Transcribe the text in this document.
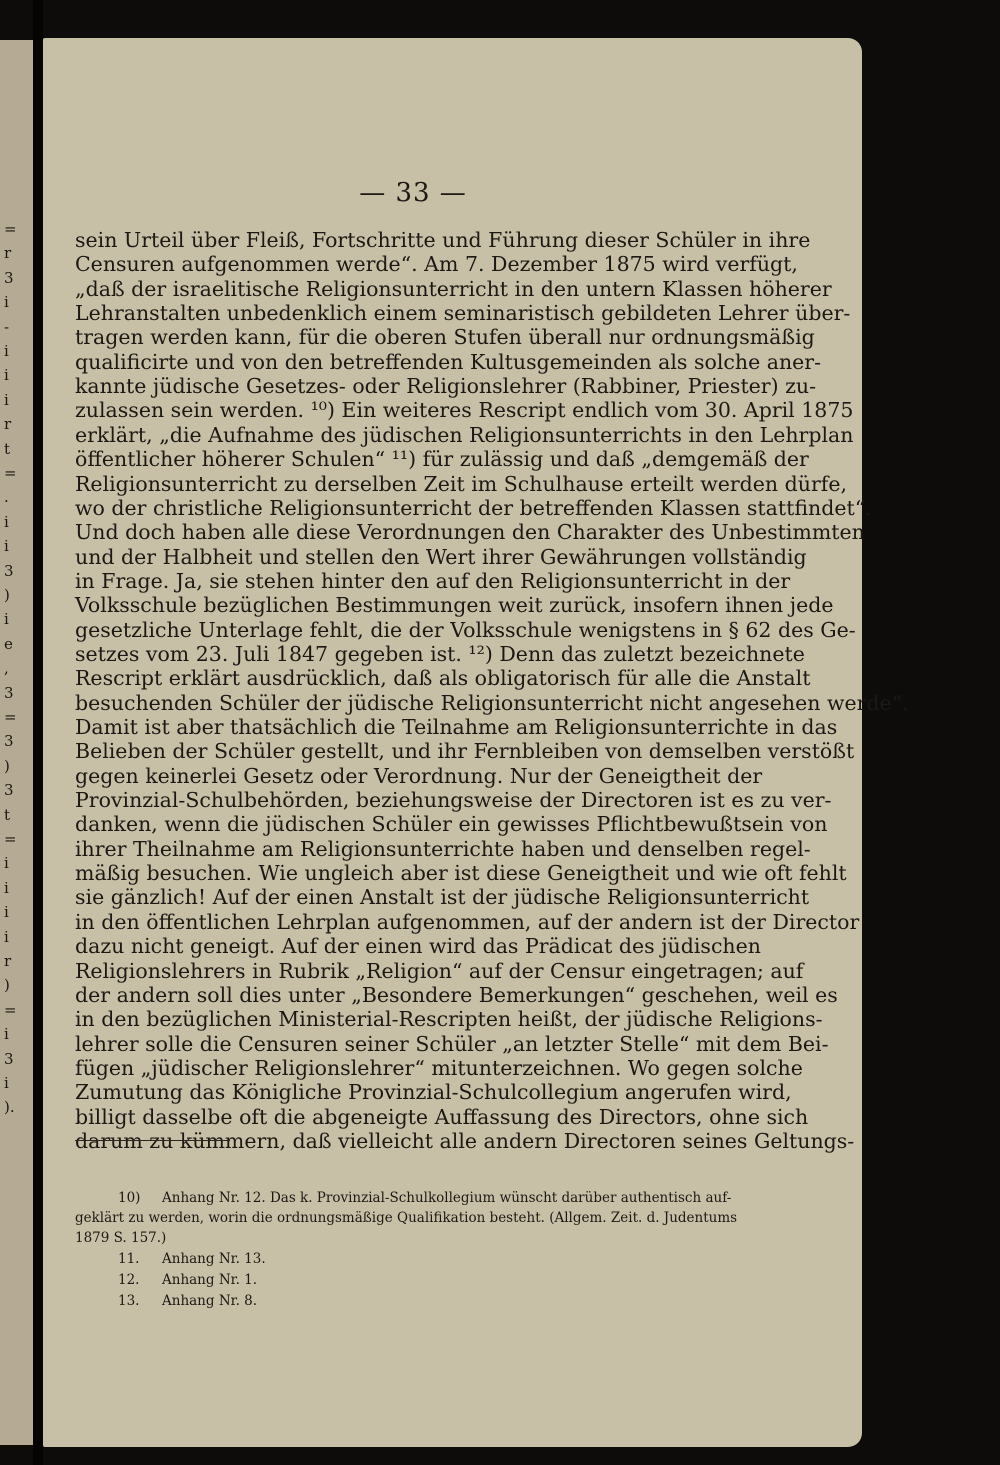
=
r
3
i
-
i
i
i
r
t
=
.
i
i
3
)
i
e
,
3
=
3
)
3
t
=
i
i
i
i
r
)
=
i
3
i
).
— 33 —
sein Urteil über Fleiß, Fortschritte und Führung dieser Schüler in ihre
Censuren aufgenommen werde“. Am 7. Dezember 1875 wird verfügt,
„daß der israelitische Religionsunterricht in den untern Klassen höherer
Lehranstalten unbedenklich einem seminaristisch gebildeten Lehrer über-
tragen werden kann, für die oberen Stufen überall nur ordnungsmäßig
qualificirte und von den betreffenden Kultusgemeinden als solche aner-
kannte jüdische Gesetzes- oder Religionslehrer (Rabbiner, Priester) zu-
zulassen sein werden. ¹⁰) Ein weiteres Rescript endlich vom 30. April 1875
erklärt, „die Aufnahme des jüdischen Religionsunterrichts in den Lehrplan
öffentlicher höherer Schulen“ ¹¹) für zulässig und daß „demgemäß der
Religionsunterricht zu derselben Zeit im Schulhause erteilt werden dürfe,
wo der christliche Religionsunterricht der betreffenden Klassen stattfindet“.
Und doch haben alle diese Verordnungen den Charakter des Unbestimmten
und der Halbheit und stellen den Wert ihrer Gewährungen vollständig
in Frage. Ja, sie stehen hinter den auf den Religionsunterricht in der
Volksschule bezüglichen Bestimmungen weit zurück, insofern ihnen jede
gesetzliche Unterlage fehlt, die der Volksschule wenigstens in § 62 des Ge-
setzes vom 23. Juli 1847 gegeben ist. ¹²) Denn das zuletzt bezeichnete
Rescript erklärt ausdrücklich, daß als obligatorisch für alle die Anstalt
besuchenden Schüler der jüdische Religionsunterricht nicht angesehen werde“.
Damit ist aber thatsächlich die Teilnahme am Religionsunterrichte in das
Belieben der Schüler gestellt, und ihr Fernbleiben von demselben verstößt
gegen keinerlei Gesetz oder Verordnung. Nur der Geneigtheit der
Provinzial-Schulbehörden, beziehungsweise der Directoren ist es zu ver-
danken, wenn die jüdischen Schüler ein gewisses Pflichtbewußtsein von
ihrer Theilnahme am Religionsunterrichte haben und denselben regel-
mäßig besuchen. Wie ungleich aber ist diese Geneigtheit und wie oft fehlt
sie gänzlich! Auf der einen Anstalt ist der jüdische Religionsunterricht
in den öffentlichen Lehrplan aufgenommen, auf der andern ist der Director
dazu nicht geneigt. Auf der einen wird das Prädicat des jüdischen
Religionslehrers in Rubrik „Religion“ auf der Censur eingetragen; auf
der andern soll dies unter „Besondere Bemerkungen“ geschehen, weil es
in den bezüglichen Ministerial-Rescripten heißt, der jüdische Religions-
lehrer solle die Censuren seiner Schüler „an letzter Stelle“ mit dem Bei-
fügen „jüdischer Religionslehrer“ mitunterzeichnen. Wo gegen solche
Zumutung das Königliche Provinzial-Schulcollegium angerufen wird,
billigt dasselbe oft die abgeneigte Auffassung des Directors, ohne sich
darum zu kümmern, daß vielleicht alle andern Directoren seines Geltungs-
10) Anhang Nr. 12. Das k. Provinzial-Schulkollegium wünscht darüber authentisch auf-
geklärt zu werden, worin die ordnungsmäßige Qualifikation besteht. (Allgem. Zeit. d. Judentums
1879 S. 157.)
11. Anhang Nr. 13.
12. Anhang Nr. 1.
13. Anhang Nr. 8.
